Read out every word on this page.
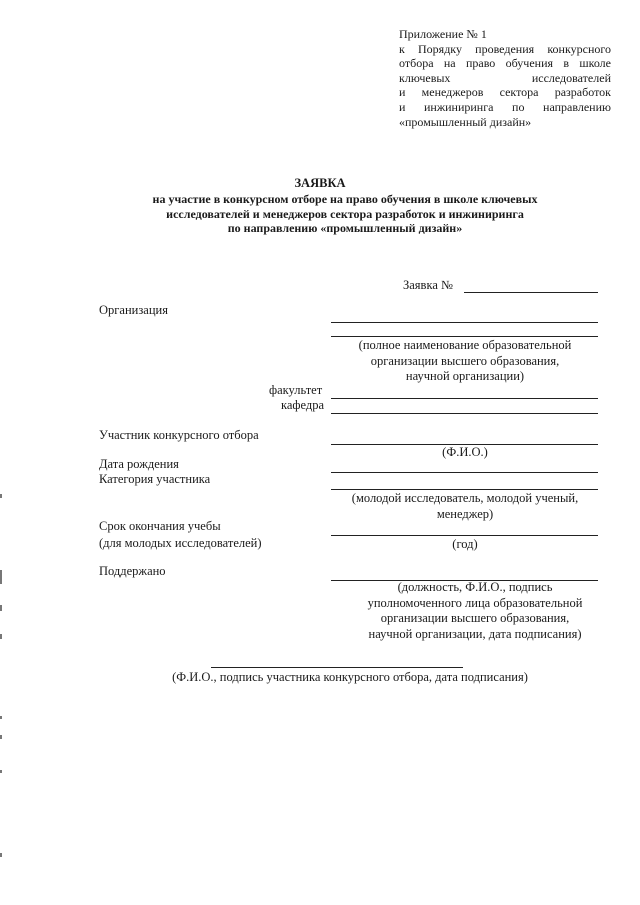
Приложение № 1
к Порядку проведения конкурсного
отбора на право обучения в школе
ключевых исследователей
и менеджеров сектора разработок
и инжиниринга по направлению
«промышленный дизайн»
ЗАЯВКА
на участие в конкурсном отборе на право обучения в школе ключевых
исследователей и менеджеров сектора разработок и инжиниринга
по направлению «промышленный дизайн»
Заявка №
Организация
(полное наименование образовательной
организации высшего образования,
научной организации)
факультет
кафедра
Участник конкурсного отбора
(Ф.И.О.)
Дата рождения
Категория участника
(молодой исследователь, молодой ученый,
менеджер)
Срок окончания учебы
(для молодых исследователей)	(год)
Поддержано
(должность, Ф.И.О., подпись
уполномоченного лица образовательной
организации высшего образования,
научной организации, дата подписания)
(Ф.И.О., подпись участника конкурсного отбора, дата подписания)
